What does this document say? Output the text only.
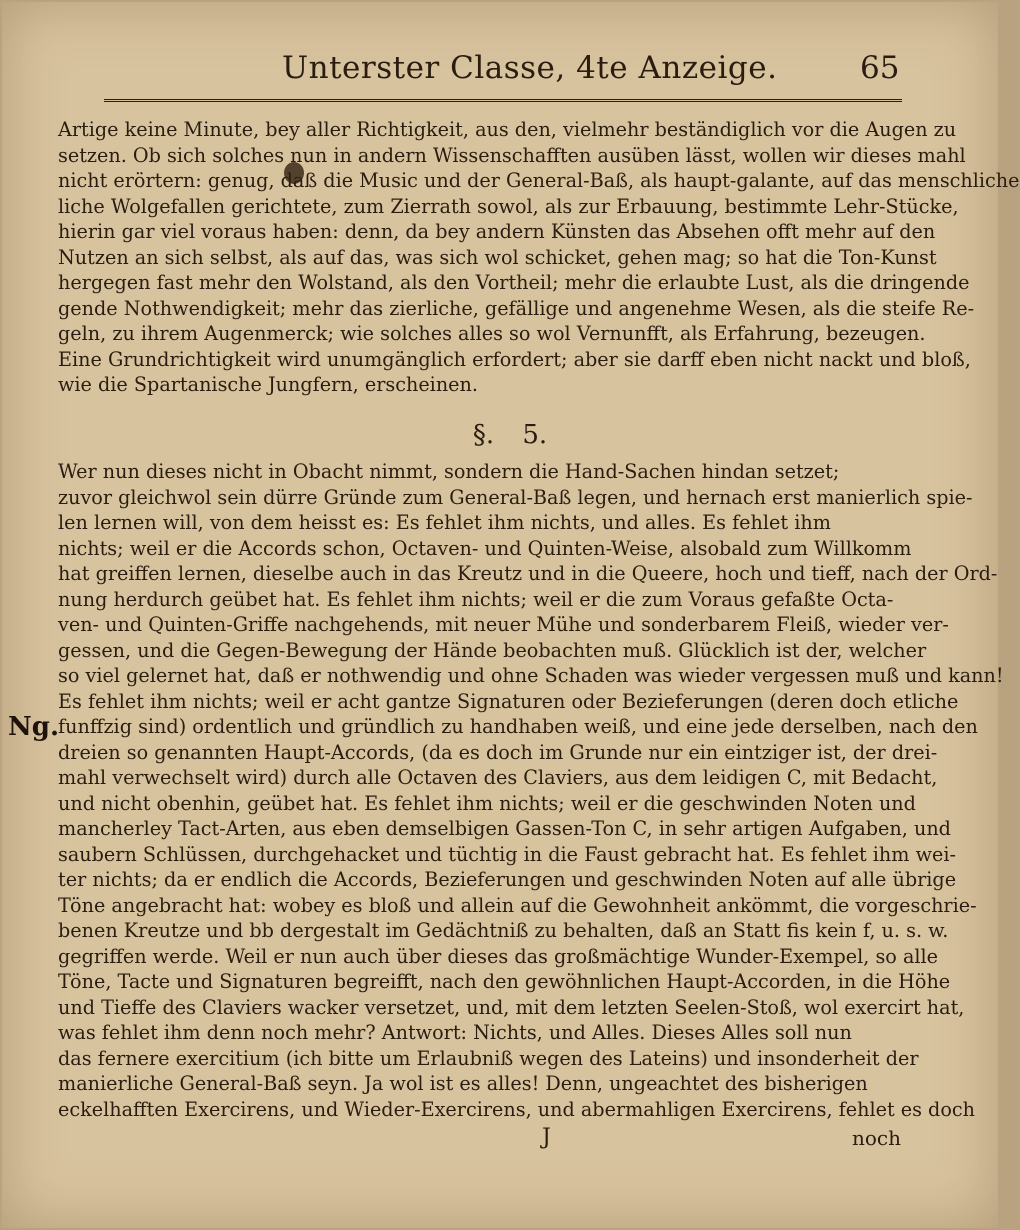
Unterster Classe, 4te Anzeige.	65
Artige keine Minute, bey aller Richtigkeit, aus den, vielmehr beständiglich vor die Augen zu
setzen. Ob sich solches nun in andern Wissenschafften ausüben lässt, wollen wir dieses mahl
nicht erörtern: genug, daß die Music und der General-Baß, als haupt-galante, auf das menschliche
liche Wolgefallen gerichtete, zum Zierrath sowol, als zur Erbauung, bestimmte Lehr-Stücke,
hierin gar viel voraus haben: denn, da bey andern Künsten das Absehen offt mehr auf den
Nutzen an sich selbst, als auf das, was sich wol schicket, gehen mag; so hat die Ton-Kunst
hergegen fast mehr den Wolstand, als den Vortheil; mehr die erlaubte Lust, als die dringende
gende Nothwendigkeit; mehr das zierliche, gefällige und angenehme Wesen, als die steife Re-
geln, zu ihrem Augenmerck; wie solches alles so wol Vernunfft, als Erfahrung, bezeugen.
Eine Grundrichtigkeit wird unumgänglich erfordert; aber sie darff eben nicht nackt und bloß,
wie die Spartanische Jungfern, erscheinen.
§. 5.
Wer nun dieses nicht in Obacht nimmt, sondern die Hand-Sachen hindan setzet;
zuvor gleichwol sein dürre Gründe zum General-Baß legen, und hernach erst manierlich spie-
len lernen will, von dem heisst es: Es fehlet ihm nichts, und alles. Es fehlet ihm
nichts; weil er die Accords schon, Octaven- und Quinten-Weise, alsobald zum Willkomm
hat greiffen lernen, dieselbe auch in das Kreutz und in die Queere, hoch und tieff, nach der Ord-
nung herdurch geübet hat. Es fehlet ihm nichts; weil er die zum Voraus gefaßte Octa-
ven- und Quinten-Griffe nachgehends, mit neuer Mühe und sonderbarem Fleiß, wieder ver-
gessen, und die Gegen-Bewegung der Hände beobachten muß. Glücklich ist der, welcher
so viel gelernet hat, daß er nothwendig und ohne Schaden was wieder vergessen muß und kann!
Es fehlet ihm nichts; weil er acht gantze Signaturen oder Bezieferungen (deren doch etliche
funffzig sind) ordentlich und gründlich zu handhaben weiß, und eine jede derselben, nach den
dreien so genannten Haupt-Accords, (da es doch im Grunde nur ein eintziger ist, der drei-
mahl verwechselt wird) durch alle Octaven des Claviers, aus dem leidigen C, mit Bedacht,
und nicht obenhin, geübet hat. Es fehlet ihm nichts; weil er die geschwinden Noten und
mancherley Tact-Arten, aus eben demselbigen Gassen-Ton C, in sehr artigen Aufgaben, und
saubern Schlüssen, durchgehacket und tüchtig in die Faust gebracht hat. Es fehlet ihm wei-
ter nichts; da er endlich die Accords, Bezieferungen und geschwinden Noten auf alle übrige
Töne angebracht hat: wobey es bloß und allein auf die Gewohnheit ankömmt, die vorgeschrie-
benen Kreutze und bb dergestalt im Gedächtniß zu behalten, daß an Statt fis kein f, u. s. w.
gegriffen werde. Weil er nun auch über dieses das großmächtige Wunder-Exempel, so alle
Töne, Tacte und Signaturen begreifft, nach den gewöhnlichen Haupt-Accorden, in die Höhe
und Tieffe des Claviers wacker versetzet, und, mit dem letzten Seelen-Stoß, wol exercirt hat,
was fehlet ihm denn noch mehr? Antwort: Nichts, und Alles. Dieses Alles soll nun
das fernere exercitium (ich bitte um Erlaubniß wegen des Lateins) und insonderheit der
manierliche General-Baß seyn. Ja wol ist es alles! Denn, ungeachtet des bisherigen
eckelhafften Exercirens, und Wieder-Exercirens, und abermahligen Exercirens, fehlet es doch
Ng.
J	noch
